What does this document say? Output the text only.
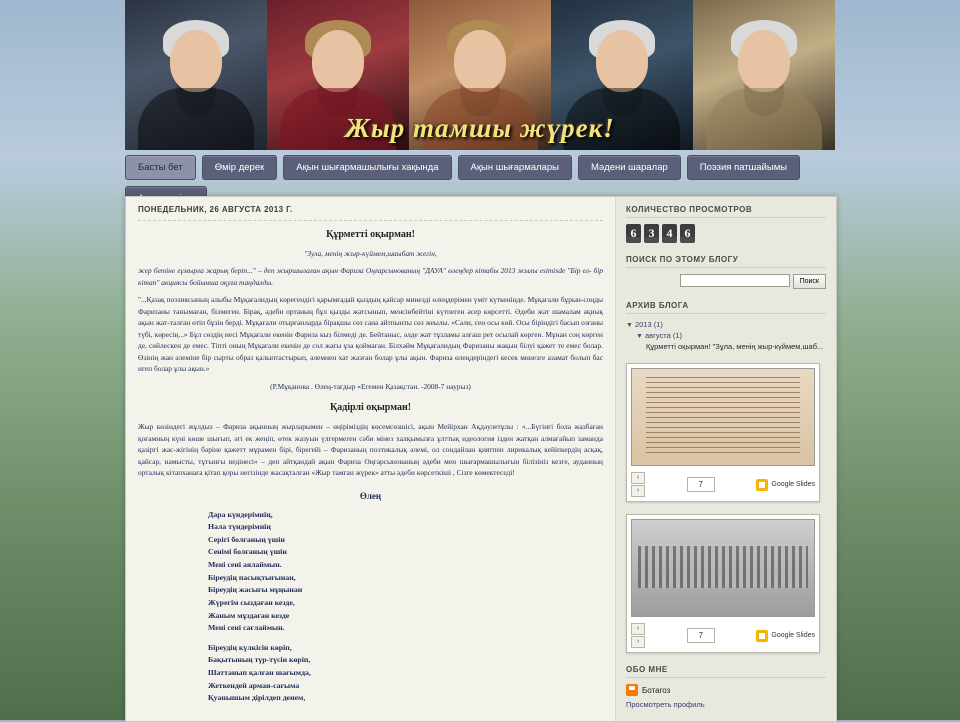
Жыр тамшы жүрек!
Басты бет	Өмір дерек	Ақын шығармашылығы хақында	Ақын шығармалары	Мәдени шаралар	Поэзия патшайымы
ПОНЕДЕЛЬНИК, 26 АВГУСТА 2013 Г.
Құрметті оқырман!
"Зула, менiң жыр-күймем,шаыбат жегiн,
жер бетiне ғұмырға жарық берiп..." – деп жыршылаған ақын Фариза Оңғарсынованың "ДАУА" өлеңдер кiтабы 2013 жылы еsimisde "Бiр ел- бiр кiтап" акциясы бойынша оқуға таңдалды.
"...Қазақ поэзиясының алыбы Мұқағалидың көрегендiгi қарымғадай қыздың қайсар минезді өлеңдерiмен үмiт күткенiнде. Мұқағали бұрын-соңды Фаризаны танымаған, бiлмеген. Бiрақ, әдеби ортаның бұл қызды жатсынып, менсiнбейтiнi күтпеген әсер көрсетті. Әдеби жат шамалам ақиық ақын жат-талған өтiп бұзiн бердi. Мұқағали отырғанларда бiрақшы сөз сана айтпынты сөз жеылы. «Сәли, сен осы көй. Осы бiрiндiгi басып озғаны түбi, көресiң...» Бұл сөздiң иесi Мұқағали екенiн Фариза кыз бiлмедi де. Бейтаныс, әлде жат тұзламы алғаш рет осылай көрген. Мұнан соң көрген де, сөйлескен де емес. Тiптi оның Мұқағали екенiн де сол жағы ұза қоймаған. Бiлхәйм Мұқағалидың Фаризаны жақын бiлуi қажет те емес болар. Өзiнiң жан әлемiне бiр сырты образ қалыптастырып, әлемнен хат жазған болар ұлы ақын. Фариза өлеңдерiндегi кесек минезге азамат болып бас игеп болар ұлы ақын.»
(Р.Мұқанова . Өлең-тағдыр «Егемен Қазақстан. -2008-7 наурыз)
Қадірлі оқырман!
Жыр көзiндегi жұлдыз – Фариза ақынның жырларымен – өңiрiмiздiң көсемсөзшiсi, ақын Мейiрхан Ақдәулетұлы : «...Бүгiнгi бола жазбаған қоғамның күнi көше шығып, әгi ек жеңiп, өтек жазуын үлгермеген сәби мiнез халқымызға ұлттық идеология iзден жатқан алмағайып заманда қазiргi жас-жiгiнiң бәрiне қажетт мұрамен бiрi, бiрегейi – Фаризаның поэтикалық әлемi, ол сондайлан қиятпен лирикалық кейiпкердiң асқақ, қайсар, намысты, тұтынғы ведiнесi» – деп айтқандай ақын Фариза Оңғарсынованың әдеби мен шығармашылығын бiлiзiнiз кезге, ауданның орталық кiтапханаға қiтап қоры негiзiнде жасақталған «Жыр тамған жүрек» атты әдеби көрсеткiшi , Сiзге көмектеседi!
Өлең
Дара күндерiмнiң,
Нала түндерiмнiң
Серiгi болғаның үшiн
Сенiмi болғаның үшiн
Менi сенi аялаймын.
Бiреудiң пасықтығынан,
Бiреудiң жасығы мұңынан
Жүрегiм сыздаған кезде,
Жаным мұздаған кезде
Менi сенi сағлаймын.
Бiреудiң күлкiсiн көрiп,
Бақытының түр-түсiн көрiп,
Шаттанып қалған шағымда,
Жеткендей арман-сағыма
Қуанышым дiрiлдеп денем,
КОЛИЧЕСТВО ПРОСМОТРОВ
6	3	4	6
ПОИСК ПО ЭТОМУ БЛОГУ
Поиск
АРХИВ БЛОГА
▼ 2013 (1)
▼ августа (1)
Құрметті оқырман! "Зұла, менің жыр-күймем,шаб...
‹
›
7	Google Slides
‹
›
7	Google Slides
ОБО МНЕ
Ботагоз
Просмотреть профиль
